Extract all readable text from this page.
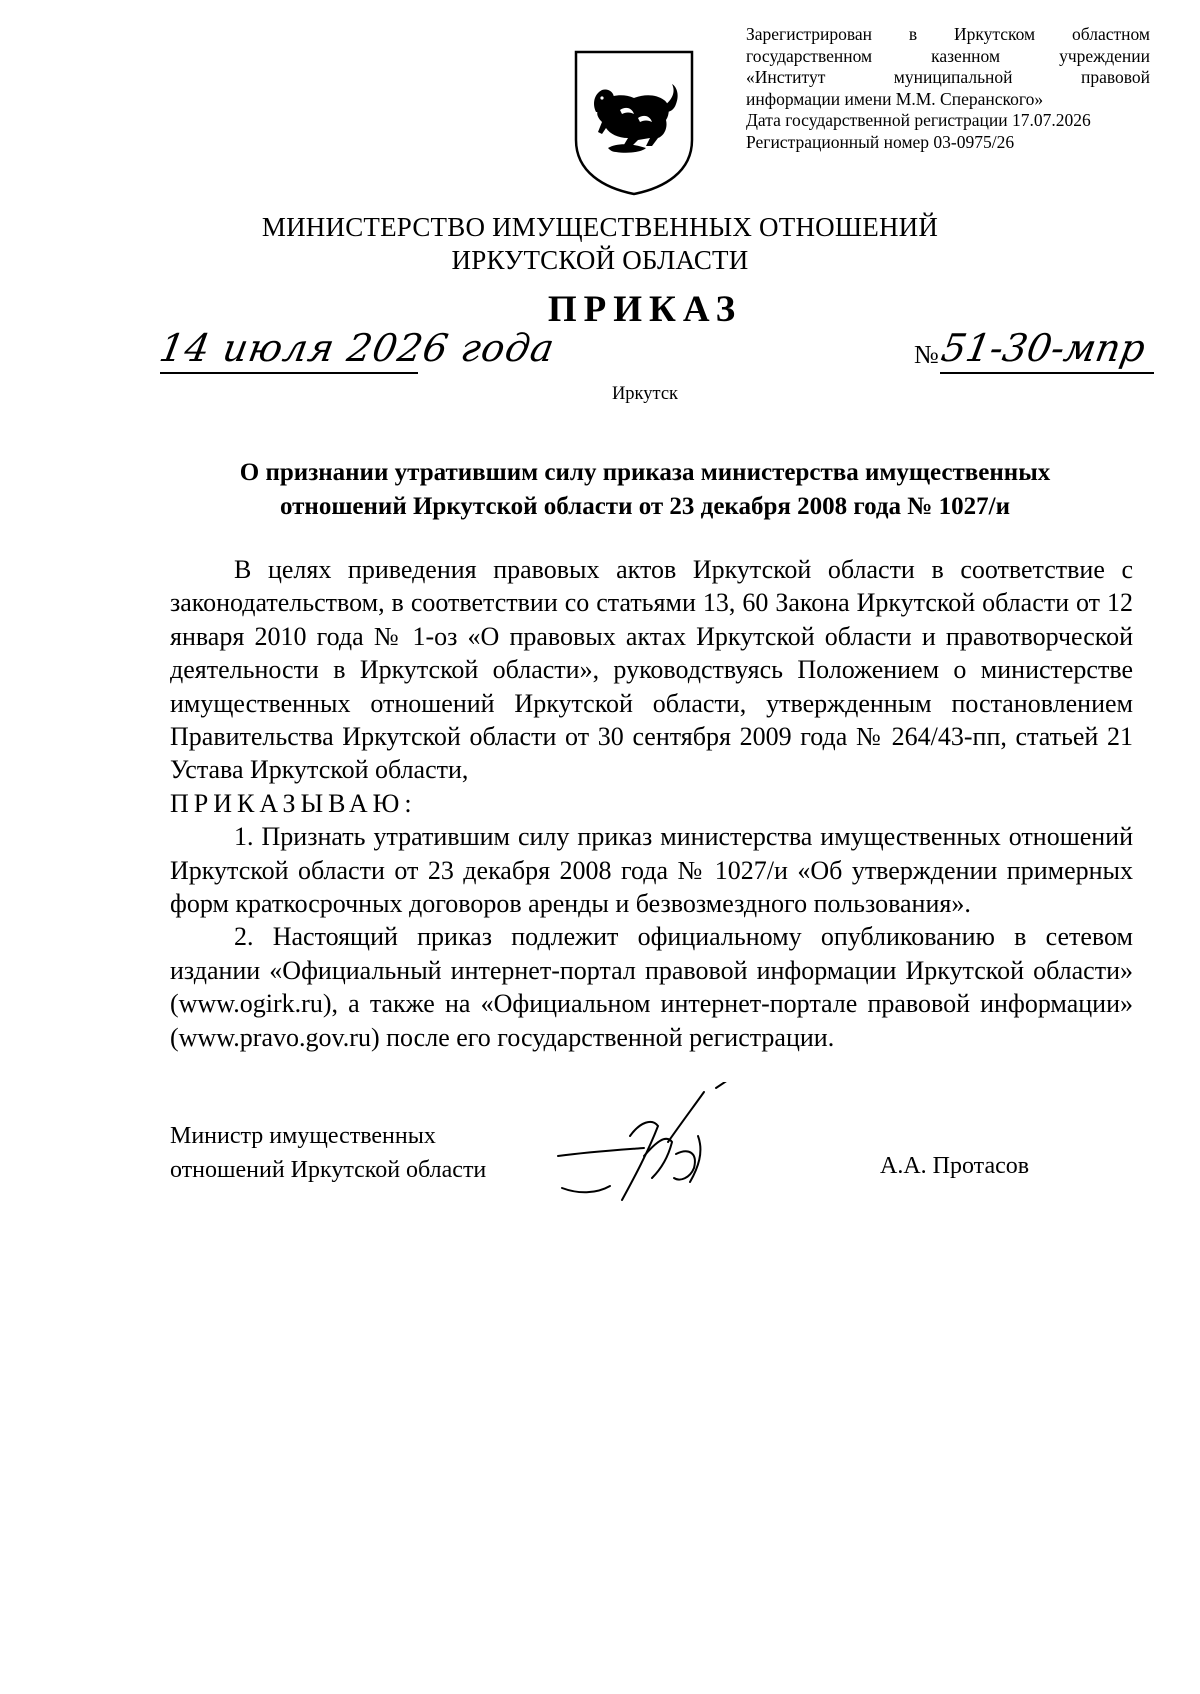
Зарегистрирован в Иркутском областном
государственном казенном учреждении
«Институт муниципальной правовой
информации имени М.М. Сперанского»
Дата государственной регистрации 17.07.2026
Регистрационный номер 03-0975/26
МИНИСТЕРСТВО ИМУЩЕСТВЕННЫХ ОТНОШЕНИЙ
ИРКУТСКОЙ ОБЛАСТИ
ПРИКАЗ
14 июля 2026 года	№ 51-30-мпр
Иркутск
О признании утратившим силу приказа министерства имущественных
отношений Иркутской области от 23 декабря 2008 года № 1027/и

В целях приведения правовых актов Иркутской области в соответствие с законодательством, в соответствии со статьями 13, 60 Закона Иркутской области от 12 января 2010 года № 1-оз «О правовых актах Иркутской области и правотворческой деятельности в Иркутской области», руководствуясь Положением о министерстве имущественных отношений Иркутской области, утвержденным постановлением Правительства Иркутской области от 30 сентября 2009 года № 264/43-пп, статьей 21 Устава Иркутской области,

ПРИКАЗЫВАЮ:

1. Признать утратившим силу приказ министерства имущественных отношений Иркутской области от 23 декабря 2008 года № 1027/и «Об утверждении примерных форм краткосрочных договоров аренды и безвозмездного пользования».

2. Настоящий приказ подлежит официальному опубликованию в сетевом издании «Официальный интернет-портал правовой информации Иркутской области» (www.ogirk.ru), а также на «Официальном интернет-портале правовой информации» (www.pravo.gov.ru) после его государственной регистрации.

Министр имущественных
отношений Иркутской области	А.А. Протасов
